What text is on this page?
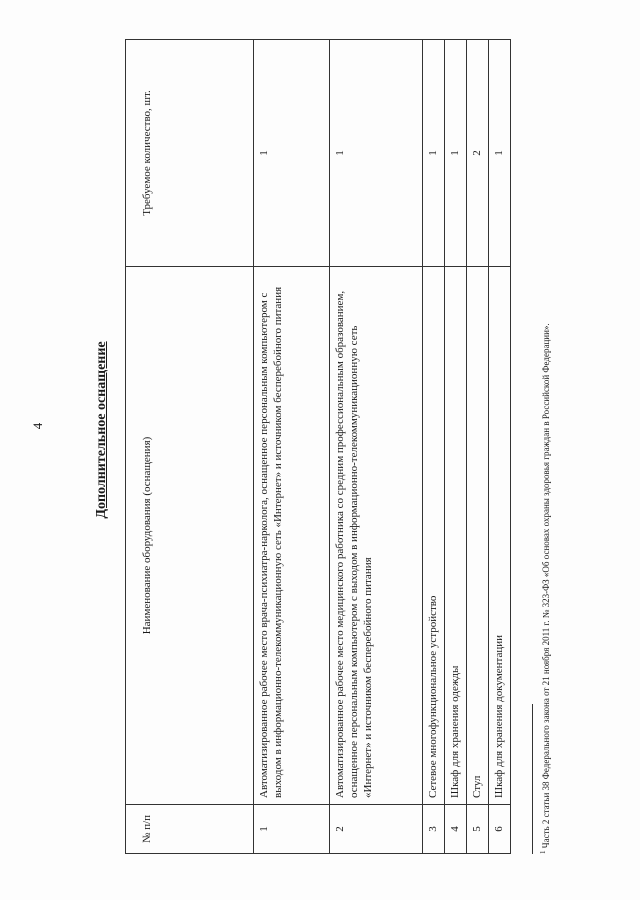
4	Дополнительное оснащение
№ п/п	Наименование оборудования (оснащения)	Требуемое количество, шт.
1	Автоматизированное рабочее место врача-психиатра-нарколога, оснащенное персональным компьютером с выходом в информационно-телекоммуникационную сеть «Интернет» и источником бесперебойного питания	1
2	Автоматизированное рабочее место медицинского работника со средним профессиональным образованием, оснащенное персональным компьютером с выходом в информационно-телекоммуникационную сеть «Интернет» и источником бесперебойного питания	1
3	Сетевое многофункциональное устройство	1
4	Шкаф для хранения одежды	1
5	Стул	2
6	Шкаф для хранения документации	1
$^1$ Часть 2 статьи 38 Федерального закона от 21 ноября 2011 г. № 323-ФЗ «Об основах охраны здоровья граждан в Российской Федерации».
